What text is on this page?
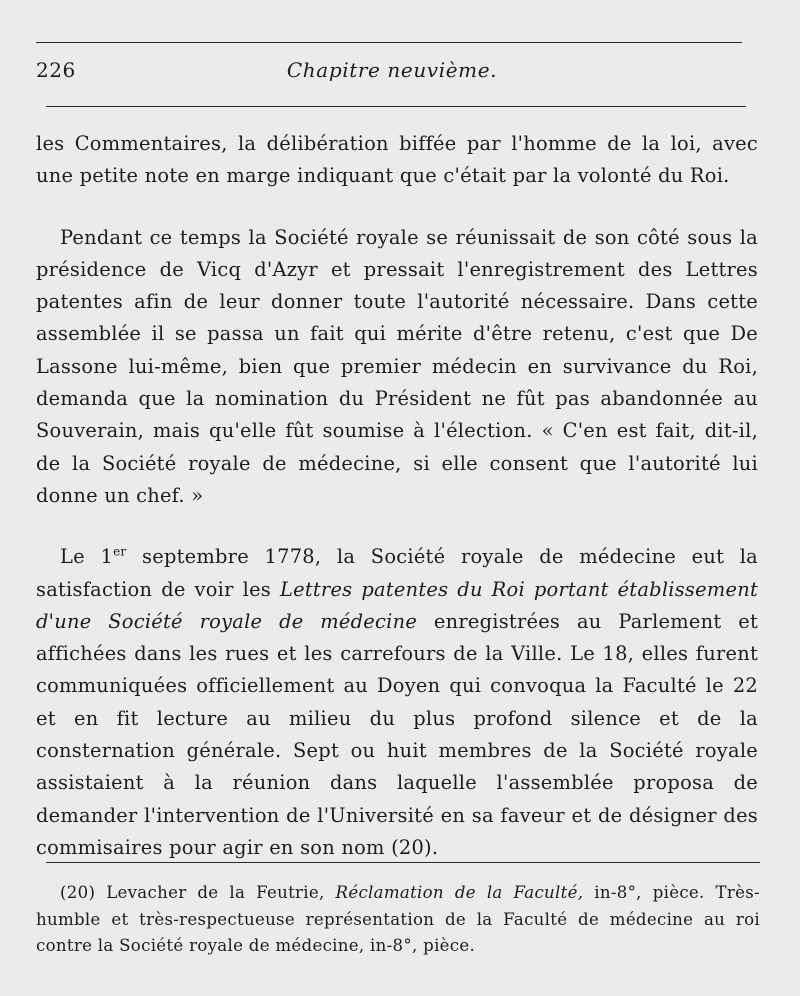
226	Chapitre neuvième.

les Commentaires, la délibération biffée par l'homme de la loi, avec une petite note en marge indiquant que c'était par la volonté du Roi.

Pendant ce temps la Société royale se réunissait de son côté sous la présidence de Vicq d'Azyr et pressait l'enregistrement des Lettres patentes afin de leur donner toute l'autorité nécessaire. Dans cette assemblée il se passa un fait qui mérite d'être retenu, c'est que De Lassone lui-même, bien que premier médecin en survivance du Roi, demanda que la nomination du Président ne fût pas abandonnée au Souverain, mais qu'elle fût soumise à l'élection. « C'en est fait, dit-il, de la Société royale de médecine, si elle consent que l'autorité lui donne un chef. »

Le 1er septembre 1778, la Société royale de médecine eut la satisfaction de voir les Lettres patentes du Roi portant établissement d'une Société royale de médecine enregistrées au Parlement et affichées dans les rues et les carrefours de la Ville. Le 18, elles furent communiquées officiellement au Doyen qui convoqua la Faculté le 22 et en fit lecture au milieu du plus profond silence et de la consternation générale. Sept ou huit membres de la Société royale assistaient à la réunion dans laquelle l'assemblée proposa de demander l'intervention de l'Université en sa faveur et de désigner des commisaires pour agir en son nom (20).

(20) Levacher de la Feutrie, Réclamation de la Faculté, in-8°, pièce. Très-humble et très-respectueuse représentation de la Faculté de médecine au roi contre la Société royale de médecine, in-8°, pièce.
